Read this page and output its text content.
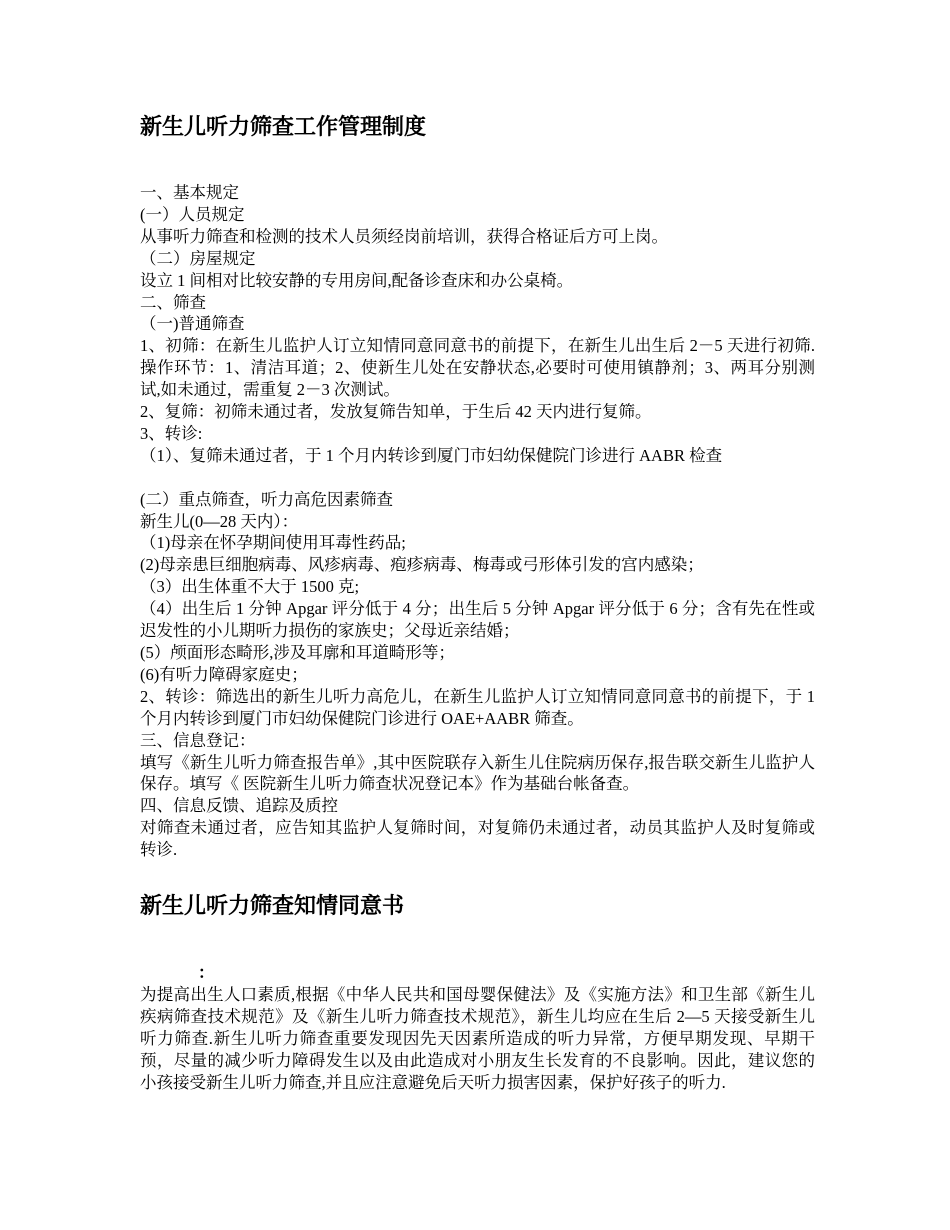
新生儿听力筛查工作管理制度
一、基本规定
(一）人员规定
从事听力筛查和检测的技术人员须经岗前培训，获得合格证后方可上岗。
（二）房屋规定
设立 1 间相对比较安静的专用房间,配备诊查床和办公桌椅。
二、筛查
（一)普通筛查
1、初筛：在新生儿监护人订立知情同意同意书的前提下，在新生儿出生后 2－5 天进行初筛.操作环节：1、清洁耳道；2、使新生儿处在安静状态,必要时可使用镇静剂；3、两耳分别测试,如未通过，需重复 2－3 次测试。
2、复筛：初筛未通过者，发放复筛告知单，于生后 42 天内进行复筛。
3、转诊:
（1）、复筛未通过者，于 1 个月内转诊到厦门市妇幼保健院门诊进行 AABR 检查
(二）重点筛查，听力高危因素筛查
新生儿(0—28 天内）：
（1)母亲在怀孕期间使用耳毒性药品;
(2)母亲患巨细胞病毒、风疹病毒、疱疹病毒、梅毒或弓形体引发的宫内感染；
（3）出生体重不大于 1500 克;
（4）出生后 1 分钟 Apgar 评分低于 4 分；出生后 5 分钟 Apgar 评分低于 6 分；含有先在性或迟发性的小儿期听力损伤的家族史；父母近亲结婚；
(5）颅面形态畸形,涉及耳廓和耳道畸形等；
(6)有听力障碍家庭史；
2、转诊：筛选出的新生儿听力高危儿，在新生儿监护人订立知情同意同意书的前提下，于 1 个月内转诊到厦门市妇幼保健院门诊进行 OAE+AABR 筛查。
三、信息登记：
填写《新生儿听力筛查报告单》,其中医院联存入新生儿住院病历保存,报告联交新生儿监护人保存。填写《 医院新生儿听力筛查状况登记本》作为基础台帐备查。
四、信息反馈、追踪及质控
对筛查未通过者，应告知其监护人复筛时间，对复筛仍未通过者，动员其监护人及时复筛或转诊.
新生儿听力筛查知情同意书
：
为提高出生人口素质,根据《中华人民共和国母婴保健法》及《实施方法》和卫生部《新生儿疾病筛查技术规范》及《新生儿听力筛查技术规范》，新生儿均应在生后 2—5 天接受新生儿听力筛查.新生儿听力筛查重要发现因先天因素所造成的听力异常，方便早期发现、早期干预，尽量的减少听力障碍发生以及由此造成对小朋友生长发育的不良影响。因此，建议您的小孩接受新生儿听力筛查,并且应注意避免后天听力损害因素，保护好孩子的听力.
